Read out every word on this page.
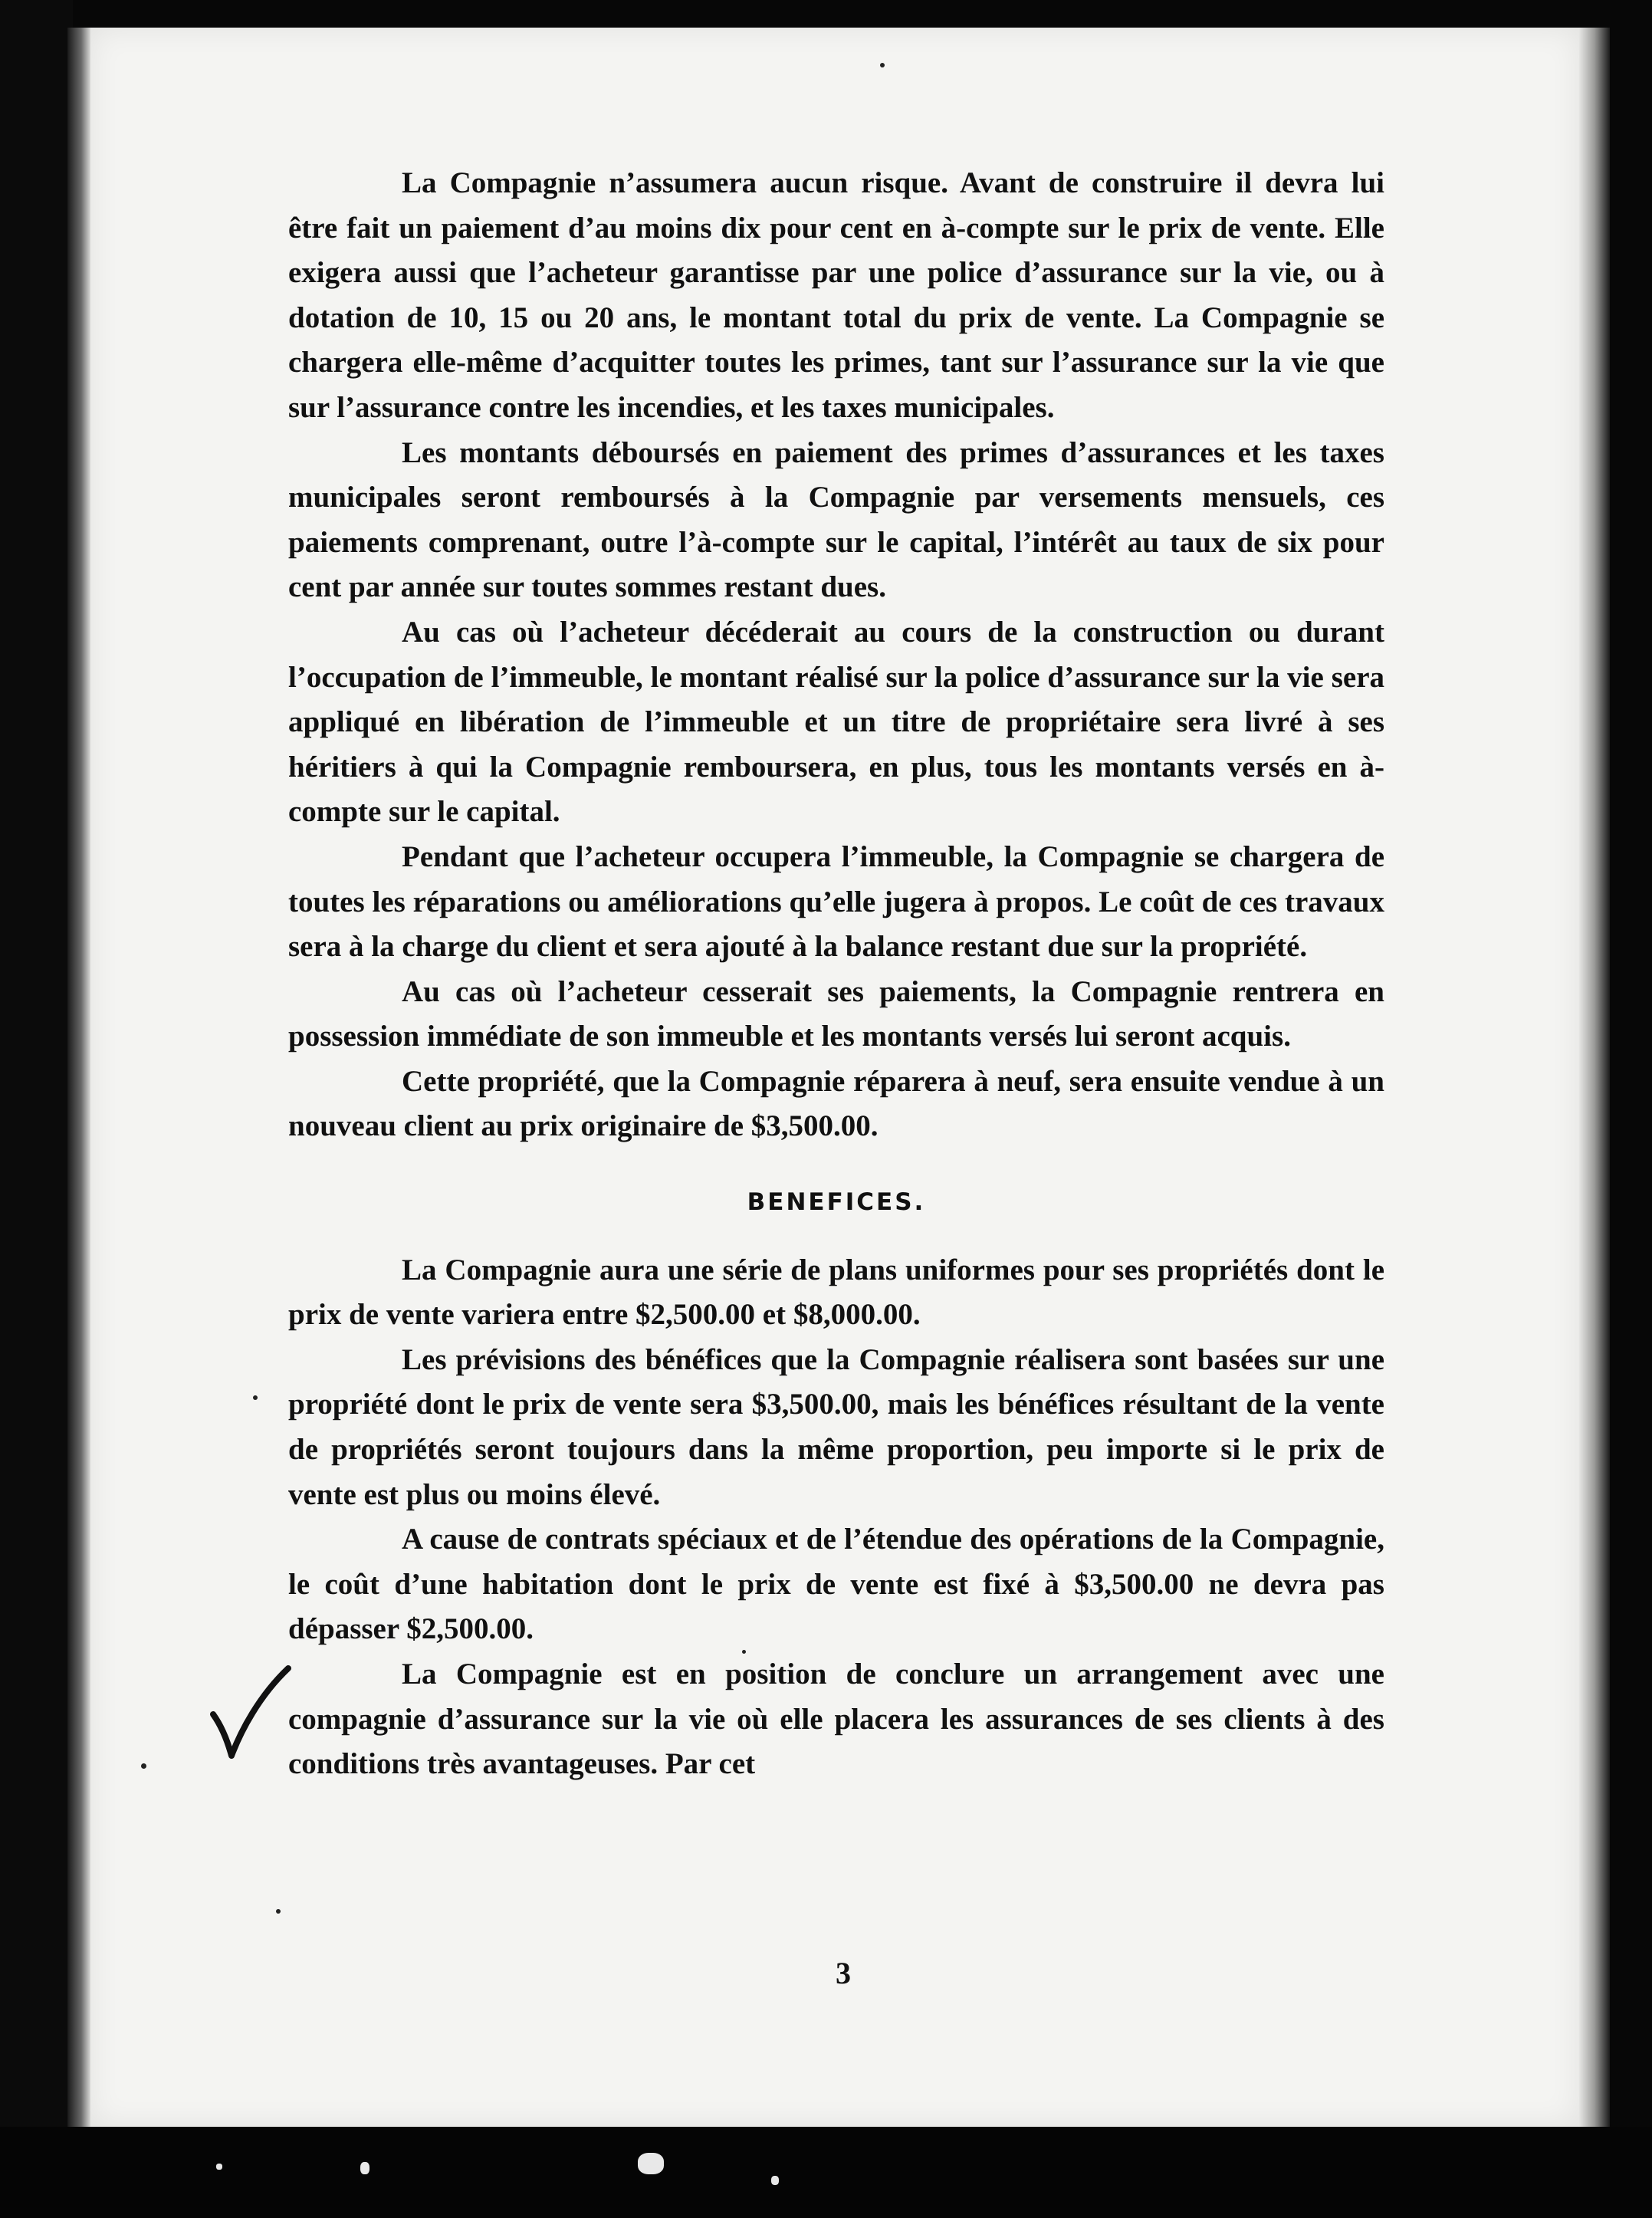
La Compagnie n’assumera aucun risque. Avant de construire il devra lui être fait un paiement d’au moins dix pour cent en à-compte sur le prix de vente. Elle exigera aussi que l’acheteur garantisse par une police d’assurance sur la vie, ou à dotation de 10, 15 ou 20 ans, le montant total du prix de vente. La Compagnie se chargera elle-même d’acquitter toutes les primes, tant sur l’assurance sur la vie que sur l’assurance contre les incendies, et les taxes municipales.

Les montants déboursés en paiement des primes d’assurances et les taxes municipales seront remboursés à la Compagnie par versements mensuels, ces paiements comprenant, outre l’à-compte sur le capital, l’intérêt au taux de six pour cent par année sur toutes sommes restant dues.

Au cas où l’acheteur décéderait au cours de la construction ou durant l’occupation de l’immeuble, le montant réalisé sur la police d’assurance sur la vie sera appliqué en libération de l’immeuble et un titre de propriétaire sera livré à ses héritiers à qui la Compagnie remboursera, en plus, tous les montants versés en à-compte sur le capital.

Pendant que l’acheteur occupera l’immeuble, la Compagnie se chargera de toutes les réparations ou améliorations qu’elle jugera à propos. Le coût de ces travaux sera à la charge du client et sera ajouté à la balance restant due sur la propriété.

Au cas où l’acheteur cesserait ses paiements, la Compagnie rentrera en possession immédiate de son immeuble et les montants versés lui seront acquis.

Cette propriété, que la Compagnie réparera à neuf, sera ensuite vendue à un nouveau client au prix originaire de $3,500.00.

BENEFICES.

La Compagnie aura une série de plans uniformes pour ses propriétés dont le prix de vente variera entre $2,500.00 et $8,000.00.

Les prévisions des bénéfices que la Compagnie réalisera sont basées sur une propriété dont le prix de vente sera $3,500.00, mais les bénéfices résultant de la vente de propriétés seront toujours dans la même proportion, peu importe si le prix de vente est plus ou moins élevé.

A cause de contrats spéciaux et de l’étendue des opérations de la Compagnie, le coût d’une habitation dont le prix de vente est fixé à $3,500.00 ne devra pas dépasser $2,500.00.

La Compagnie est en position de conclure un arrangement avec une compagnie d’assurance sur la vie où elle placera les assurances de ses clients à des conditions très avantageuses. Par cet

3
